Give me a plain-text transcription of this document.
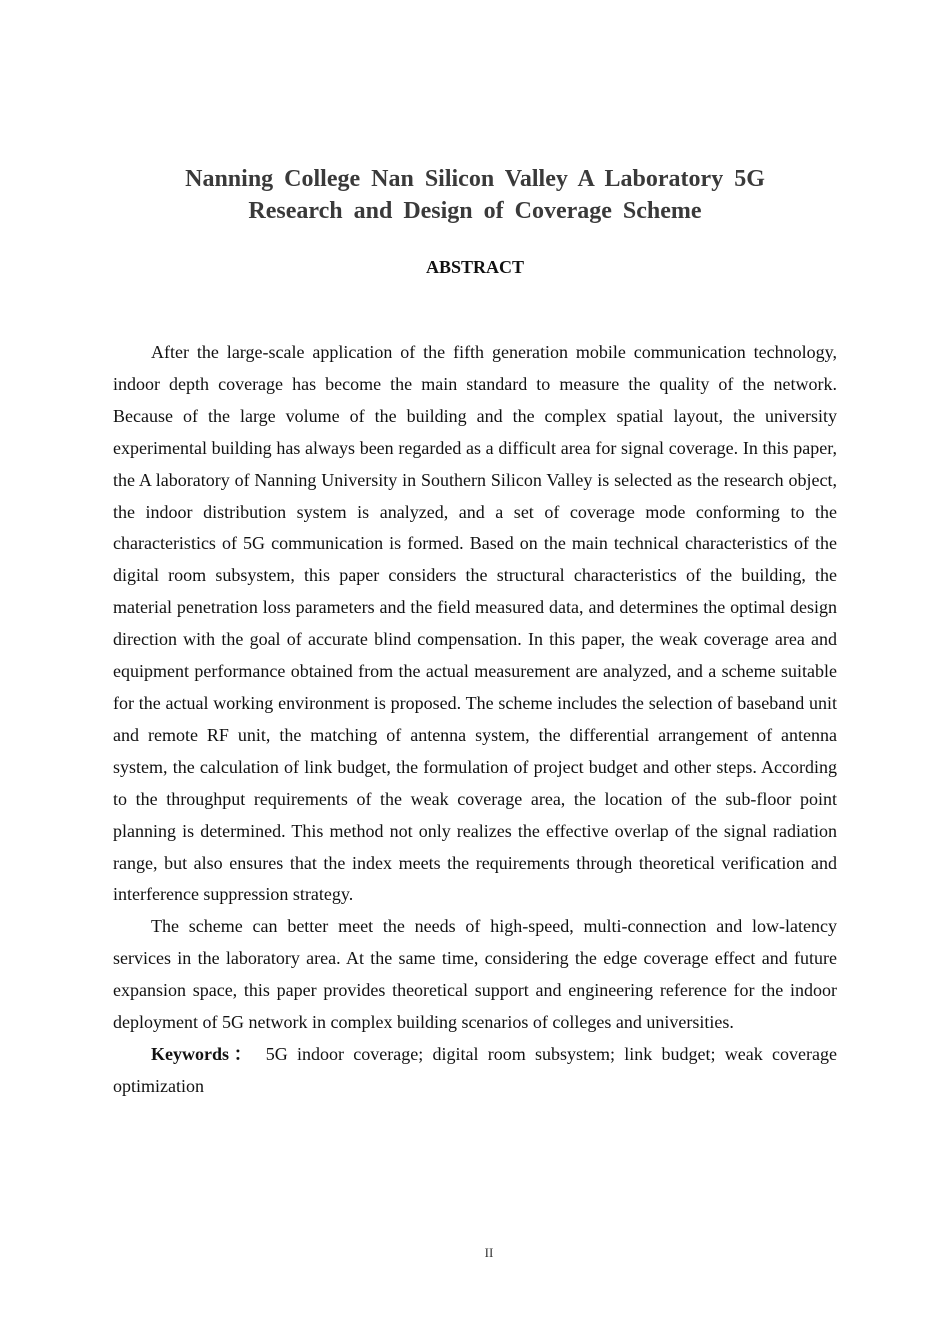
Nanning College Nan Silicon Valley A Laboratory 5G
Research and Design of Coverage Scheme
ABSTRACT

After the large-scale application of the fifth generation mobile communication technology, indoor depth coverage has become the main standard to measure the quality of the network. Because of the large volume of the building and the complex spatial layout, the university experimental building has always been regarded as a difficult area for signal coverage. In this paper, the A laboratory of Nanning University in Southern Silicon Valley is selected as the research object, the indoor distribution system is analyzed, and a set of coverage mode conforming to the characteristics of 5G communication is formed. Based on the main technical characteristics of the digital room subsystem, this paper considers the structural characteristics of the building, the material penetration loss parameters and the field measured data, and determines the optimal design direction with the goal of accurate blind compensation. In this paper, the weak coverage area and equipment performance obtained from the actual measurement are analyzed, and a scheme suitable for the actual working environment is proposed. The scheme includes the selection of baseband unit and remote RF unit, the matching of antenna system, the differential arrangement of antenna system, the calculation of link budget, the formulation of project budget and other steps. According to the throughput requirements of the weak coverage area, the location of the sub-floor point planning is determined. This method not only realizes the effective overlap of the signal radiation range, but also ensures that the index meets the requirements through theoretical verification and interference suppression strategy.

The scheme can better meet the needs of high-speed, multi-connection and low-latency services in the laboratory area. At the same time, considering the edge coverage effect and future expansion space, this paper provides theoretical support and engineering reference for the indoor deployment of 5G network in complex building scenarios of colleges and universities.

Keywords： 5G indoor coverage; digital room subsystem; link budget; weak coverage optimization

II
